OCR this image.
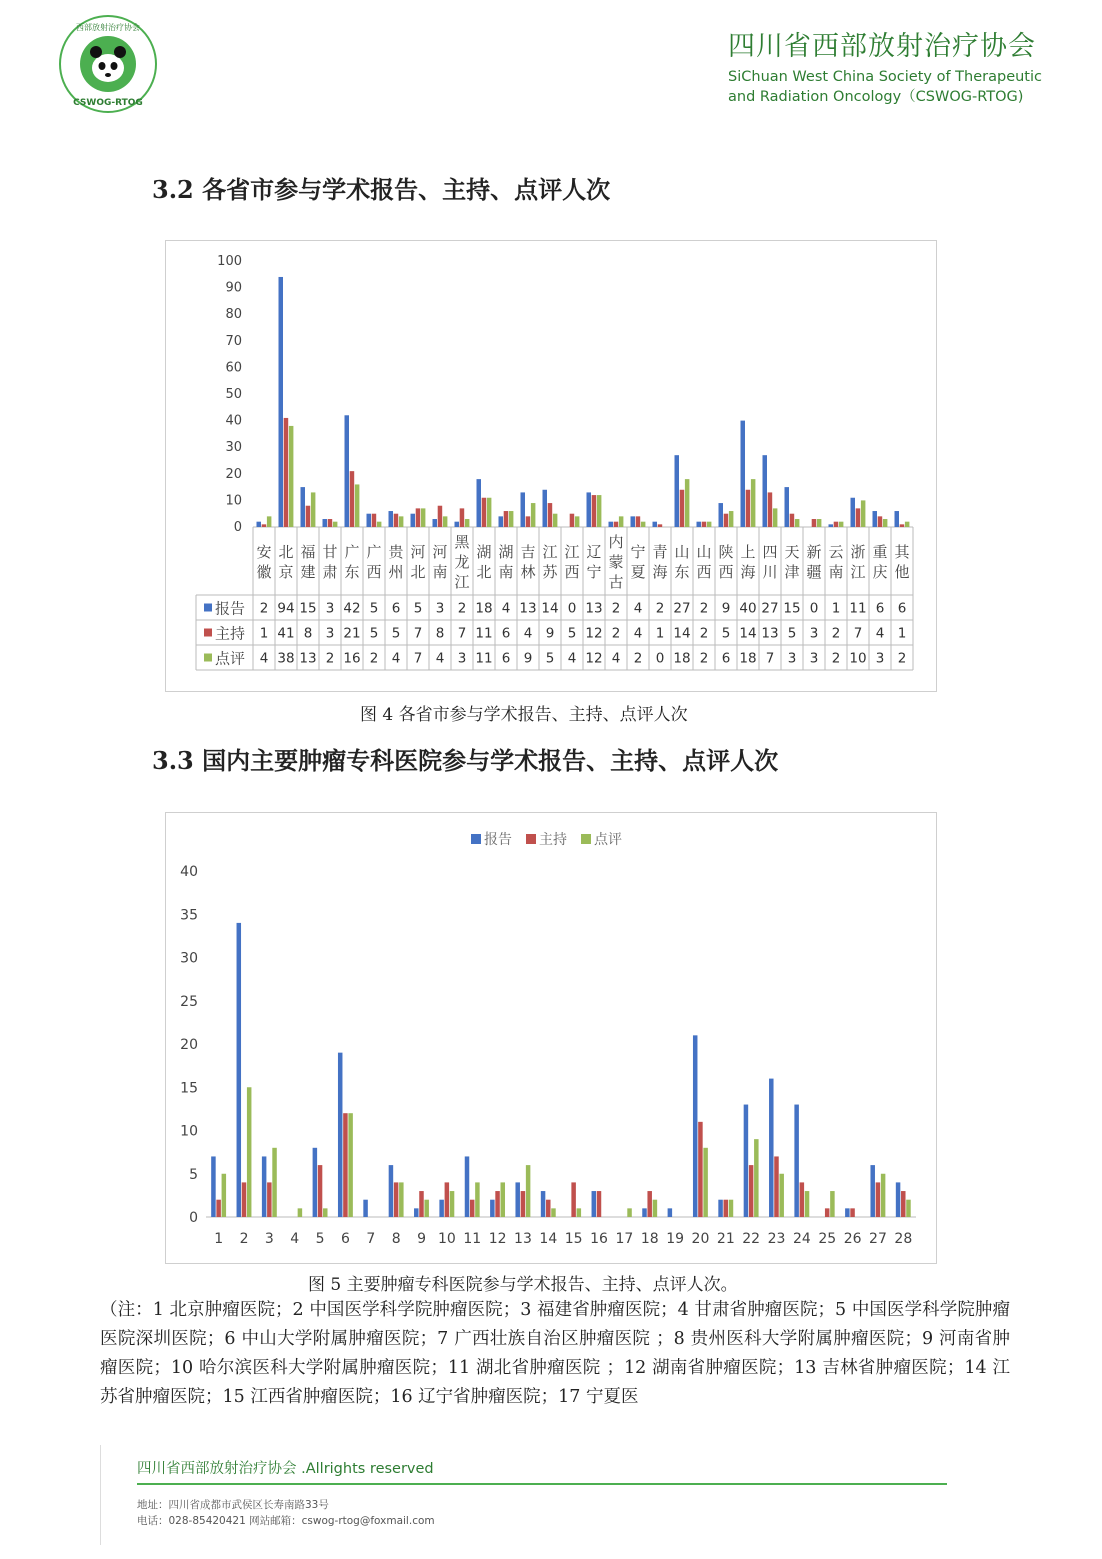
CSWOG-RTOG
西部放射治疗协会
四川省西部放射治疗协会
SiChuan West China Society of Therapeutic
and Radiation Oncology（CSWOG-RTOG)
3.2 各省市参与学术报告、主持、点评人次
0
10
20
30
40
50
60
70
80
90
100
安
徽
北
京
福
建
甘
肃
广
东
广
西
贵
州
河
北
河
南
黑
龙
江
湖
北
湖
南
吉
林
江
苏
江
西
辽
宁
内
蒙
古
宁
夏
青
海
山
东
山
西
陕
西
上
海
四
川
天
津
新
疆
云
南
浙
江
重
庆
其
他
报告 2 94 15 3 42 5 6 5 3 2 18 4 13 14 0 13 2 4 2 27 2 9 40 27 15 0 1 11 6 6
主持 1 41 8 3 21 5 5 7 8 7 11 6 4 9 5 12 2 4 1 14 2 5 14 13 5 3 2 7 4 1
点评 4 38 13 2 16 2 4 7 4 3 11 6 9 5 4 12 4 2 0 18 2 6 18 7 3 3 2 10 3 2
图 4 各省市参与学术报告、主持、点评人次
3.3 国内主要肿瘤专科医院参与学术报告、主持、点评人次
报告 主持 点评
0
5
10
15
20
25
30
35
40
1 2 3 4 5 6 7 8 9 10 11 12 13 14 15 16 17 18 19 20 21 22 23 24 25 26 27 28
图 5 主要肿瘤专科医院参与学术报告、主持、点评人次。
（注：1 北京肿瘤医院；2 中国医学科学院肿瘤医院；3 福建省肿瘤医院；4 甘肃省肿瘤医院；5 中国医学科学院肿瘤医院深圳医院；6 中山大学附属肿瘤医院；7 广西壮族自治区肿瘤医院 ；8 贵州医科大学附属肿瘤医院；9 河南省肿瘤医院；10 哈尔滨医科大学附属肿瘤医院；11 湖北省肿瘤医院 ；12 湖南省肿瘤医院；13 吉林省肿瘤医院；14 江苏省肿瘤医院；15 江西省肿瘤医院；16 辽宁省肿瘤医院；17 宁夏医
四川省西部放射治疗协会 .Allrights reserved
地址：四川省成都市武侯区长寿南路33号
电话：028-85420421 网站邮箱：cswog-rtog@foxmail.com
